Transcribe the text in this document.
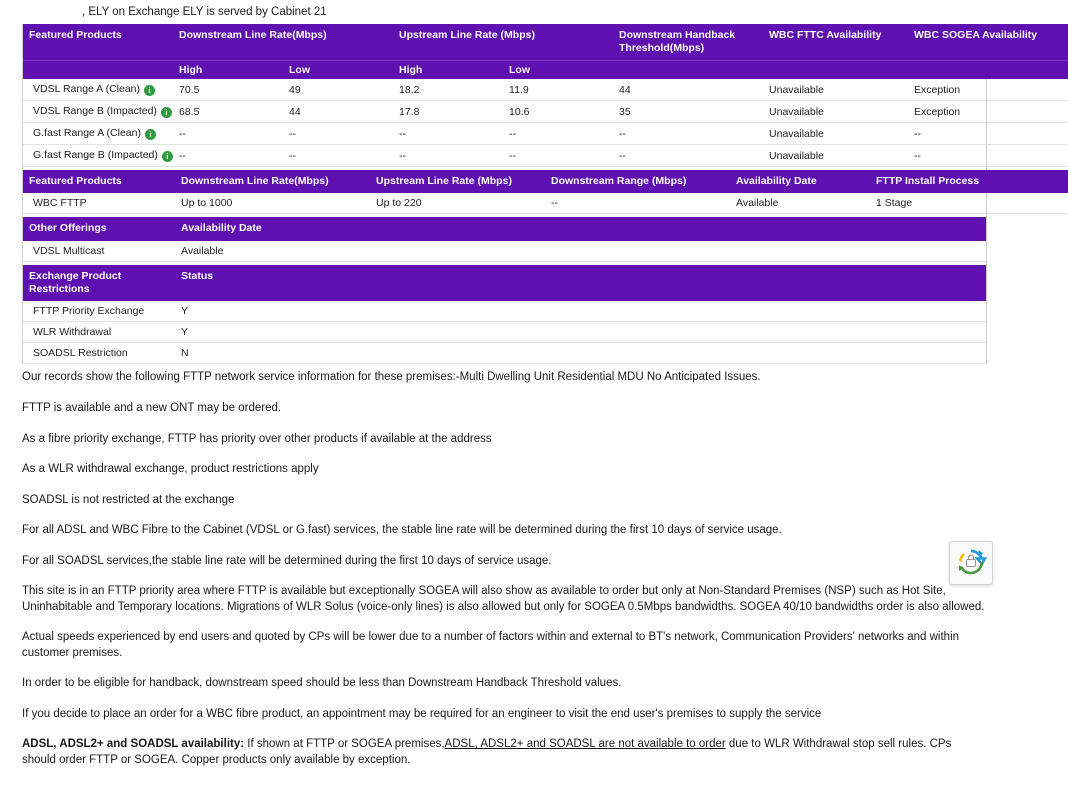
, ELY on Exchange ELY is served by Cabinet 21
Featured Products	Downstream Line Rate(Mbps)		Upstream Line Rate (Mbps)		Downstream Handback Threshold(Mbps)	WBC FTTC Availability	WBC SOGEA Availability
	High	Low	High	Low			
VDSL Range A (Clean) i	70.5	49	18.2	11.9	44	Unavailable	Exception
VDSL Range B (Impacted) i	68.5	44	17.8	10.6	35	Unavailable	Exception
G.fast Range A (Clean) i	--	--	--	--	--	Unavailable	--
G.fast Range B (Impacted) i	--	--	--	--	--	Unavailable	--
Featured Products	Downstream Line Rate(Mbps)	Upstream Line Rate (Mbps)	Downstream Range (Mbps)	Availability Date	FTTP Install Process
WBC FTTP	Up to 1000	Up to 220	--	Available	1 Stage
Other Offerings	Availability Date
VDSL Multicast	Available
Exchange Product Restrictions	Status
FTTP Priority Exchange	Y
WLR Withdrawal	Y
SOADSL Restriction	N

Our records show the following FTTP network service information for these premises:-Multi Dwelling Unit Residential MDU No Anticipated Issues.

FTTP is available and a new ONT may be ordered.

As a fibre priority exchange, FTTP has priority over other products if available at the address

As a WLR withdrawal exchange, product restrictions apply

SOADSL is not restricted at the exchange

For all ADSL and WBC Fibre to the Cabinet (VDSL or G.fast) services, the stable line rate will be determined during the first 10 days of service usage.

For all SOADSL services,the stable line rate will be determined during the first 10 days of service usage.

This site is in an FTTP priority area where FTTP is available but exceptionally SOGEA will also show as available to order but only at Non-Standard Premises (NSP) such as Hot Site, Uninhabitable and Temporary locations. Migrations of WLR Solus (voice-only lines) is also allowed but only for SOGEA 0.5Mbps bandwidths. SOGEA 40/10 bandwidths order is also allowed.

Actual speeds experienced by end users and quoted by CPs will be lower due to a number of factors within and external to BT's network, Communication Providers' networks and within customer premises.

In order to be eligible for handback, downstream speed should be less than Downstream Handback Threshold values.

If you decide to place an order for a WBC fibre product, an appointment may be required for an engineer to visit the end user's premises to supply the service

ADSL, ADSL2+ and SOADSL availability: If shown at FTTP or SOGEA premises,ADSL, ADSL2+ and SOADSL are not available to order due to WLR Withdrawal stop sell rules. CPs should order FTTP or SOGEA. Copper products only available by exception.
